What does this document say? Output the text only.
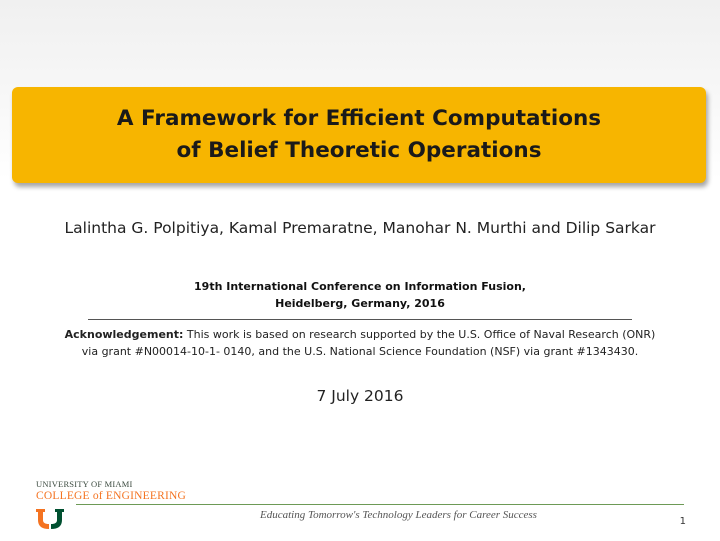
A Framework for Efficient Computations
of Belief Theoretic Operations
Lalintha G. Polpitiya, Kamal Premaratne, Manohar N. Murthi and Dilip Sarkar
19th International Conference on Information Fusion,
Heidelberg, Germany, 2016
Acknowledgement: This work is based on research supported by the U.S. Office of Naval Research (ONR)
via grant #N00014-10-1- 0140, and the U.S. National Science Foundation (NSF) via grant #1343430.
7 July 2016
UNIVERSITY OF MIAMI
COLLEGE of ENGINEERING
Educating Tomorrow's Technology Leaders for Career Success
1
